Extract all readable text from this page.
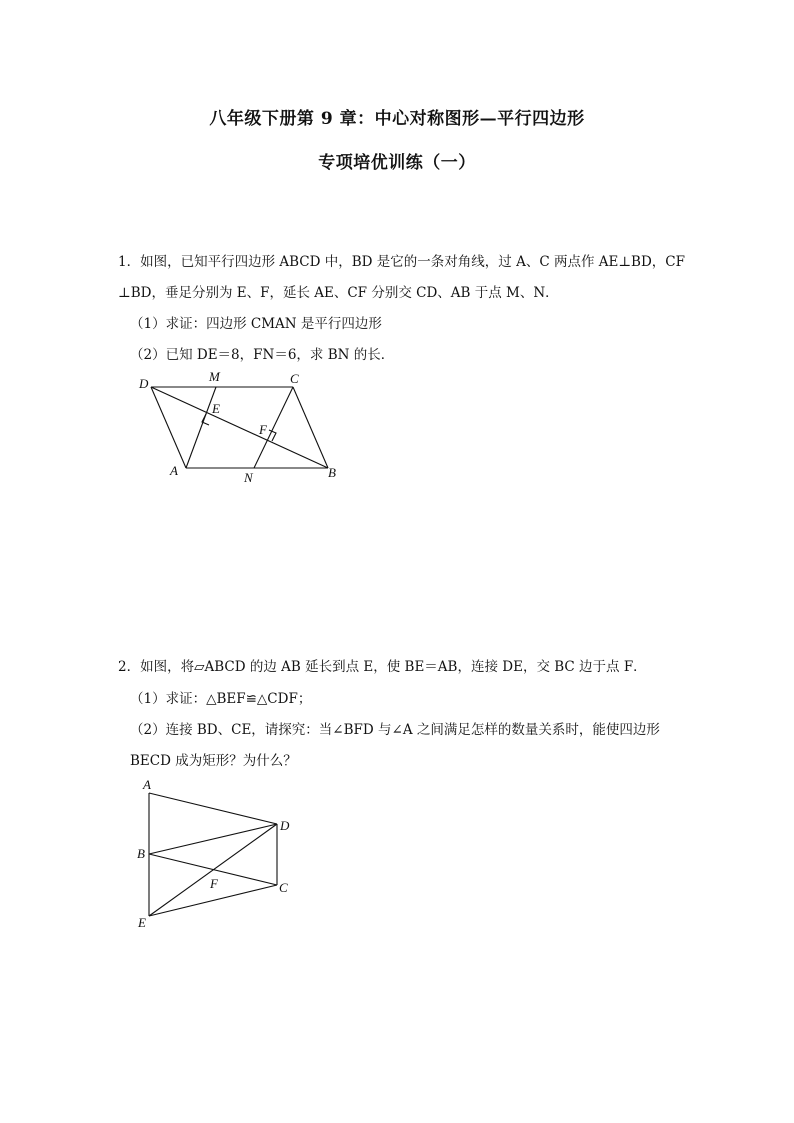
八年级下册第 9 章：中心对称图形—平行四边形
专项培优训练（一）
1．如图，已知平行四边形 ABCD 中，BD 是它的一条对角线，过 A、C 两点作 AE⊥BD，CF
⊥BD，垂足分别为 E、F，延长 AE、CF 分别交 CD、AB 于点 M、N．
（1）求证：四边形 CMAN 是平行四边形
（2）已知 DE＝8，FN＝6，求 BN 的长．
D	M	C
E
F
A	N	B
2．如图，将▱ABCD 的边 AB 延长到点 E，使 BE＝AB，连接 DE，交 BC 边于点 F．
（1）求证：△BEF≌△CDF；
（2）连接 BD、CE，请探究：当∠BFD 与∠A 之间满足怎样的数量关系时，能使四边形
BECD 成为矩形？为什么？
A
D
B
F	C
E
